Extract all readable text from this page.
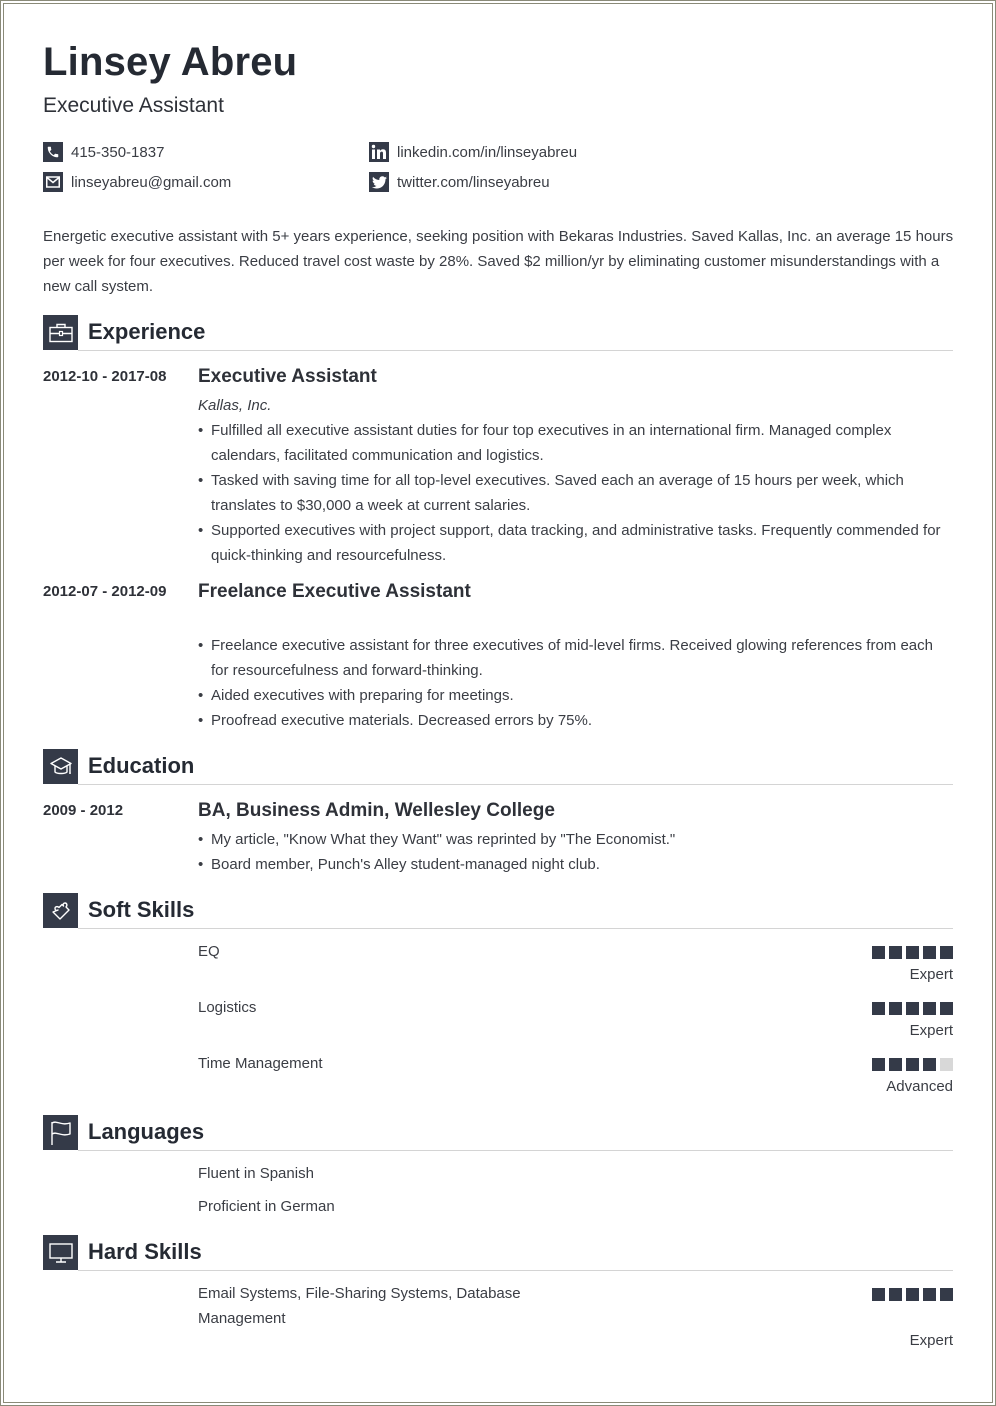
Linsey Abreu
Executive Assistant
415-350-1837
linseyabreu@gmail.com
linkedin.com/in/linseyabreu
twitter.com/linseyabreu
Energetic executive assistant with 5+ years experience, seeking position with Bekaras Industries. Saved Kallas, Inc. an average 15 hours per week for four executives. Reduced travel cost waste by 28%. Saved $2 million/yr by eliminating customer misunderstandings with a new call system.
Experience
2012-10 - 2017-08 Executive Assistant
Kallas, Inc.
• Fulfilled all executive assistant duties for four top executives in an international firm. Managed complex calendars, facilitated communication and logistics.
• Tasked with saving time for all top-level executives. Saved each an average of 15 hours per week, which translates to $30,000 a week at current salaries.
• Supported executives with project support, data tracking, and administrative tasks. Frequently commended for quick-thinking and resourcefulness.
2012-07 - 2012-09 Freelance Executive Assistant
• Freelance executive assistant for three executives of mid-level firms. Received glowing references from each for resourcefulness and forward-thinking.
• Aided executives with preparing for meetings.
• Proofread executive materials. Decreased errors by 75%.
Education
2009 - 2012	BA, Business Admin, Wellesley College
• My article, "Know What they Want" was reprinted by "The Economist."
• Board member, Punch's Alley student-managed night club.
Soft Skills
EQ
Expert
Logistics
Expert
Time Management
Advanced
Languages
Fluent in Spanish
Proficient in German
Hard Skills
Email Systems, File-Sharing Systems, Database
Management
Expert
